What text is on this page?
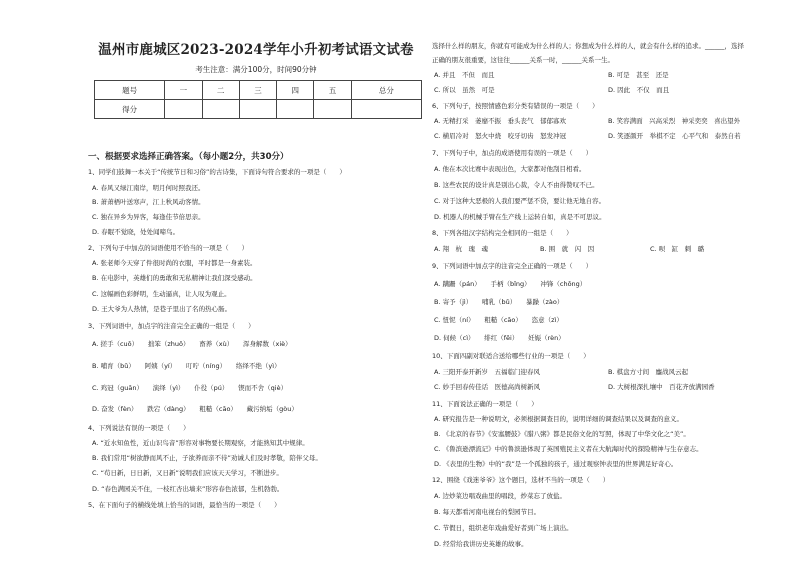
温州市鹿城区2023-2024学年小升初考试语文试卷
考生注意：满分100分，时间90分钟
题号	一	二	三	四	五	总分
得分						
一、根据要求选择正确答案。（每小题2分，共30分）
1、同学们鼓舞一本关于“传统节日和习俗”的古诗集，下面诗句符合要求的一项是（　　）
A. 春风又绿江南岸，明月何时照我还。
B. 萧萧梧叶送寒声，江上秋风动客情。
C. 独在异乡为异客，每逢佳节倍思亲。
D. 春眠不觉晓，处处闻啼鸟。
2、下列句子中加点的词语使用不恰当的一项是（　　）
A. 张老师今天穿了件很时尚的衣服，平时都是一身素装。
B. 在电影中，英雄们的勇敢和无私精神让我们深受感动。
C. 这幅画色彩鲜明，生动逼真，让人叹为观止。
D. 王大爷为人热情，是巷子里出了名的热心肠。
3、下列词语中，加点字的注音完全正确的一组是（　　）
A. 搓手（cuō）　　拙笨（zhuō）　　畜养（xù）　　浑身解数（xiè）
B. 哺育（bǔ）　　阿姨（yí）　　叮咛（níng）　　络绎不绝（yì）
C. 鸡冠（guān）　　演绎（yì）　　仆役（pú）　　锲而不舍（qiè）
D. 奋发（fèn）　　跌宕（dàng）　　粗糙（cāo）　　藏污纳垢（gòu）
4、下列说法有误的一项是（　　）
A. “近水知鱼性，近山识鸟音”形容对事物要长期观察，才能熟知其中规律。
B. 我们常用“树欲静而风不止，子欲养而亲不待”劝诫人们及时孝敬，陪伴父母。
C. “苟日新，日日新，又日新”说明我们应该天天学习，不断进步。
D. “春色满园关不住，一枝红杏出墙来”形容春色浓郁，生机勃勃。
5、在下面句子的横线处填上恰当的词语，最恰当的一项是（　　）
选择什么样的朋友，你就有可能成为什么样的人；你想成为什么样的人，就会有什么样的追求。______，选择
正确的朋友很重要，这往往______关系一时，______关系一生。
A. 并且　不但　而且	B. 可是　甚至　还是
C. 所以　虽然　可是	D. 因此　不仅　而且
6、下列句子，按照情感色彩分类有错误的一项是（　　）
A. 无精打采　萎靡不振　垂头丧气　郁郁寡欢	B. 笑容满面　兴高采烈　神采奕奕　喜出望外
C. 横眉冷对　怒火中烧　咬牙切齿　怒发冲冠	D. 笑逐颜开　举棋不定　心平气和　泰然自若
7、下列句子中，加点的成语使用有误的一项是（　　）
A. 他在本次比赛中表现出色，大家都对他刮目相看。
B. 这些农民的设计真是别出心裁，令人不由得赞叹不已。
C. 对于这种大恶极的人我们要严惩不贷，要让他无地自容。
D. 机器人的机械手臂在生产线上运转自如，真是不可思议。
8、下列各组汉字结构完全相同的一组是（　　）
A. 翔　杭　瑰　魂	B. 围　就　闪　因	C. 呗　缸　刺　璐
9、下列词语中加点字的注音完全正确的一项是（　　）
A. 蹒跚（pán）　　手柄（bǐng）　　冲锋（chōng）
B. 寄予（jì）　　哺乳（bǔ）　　暴躁（zào）
C. 忸怩（ní）　　粗糙（cāo）　　恣意（zì）
D. 伺候（cì）　　绯红（fēi）　　妊娠（rèn）
10、下面四副对联适合送给哪些行业的一项是（　　）
A. 三阳开泰开新岁　五福临门迎春风	B. 棋盘方寸间　鏖战风云起
C. 妙手回春传佳话　医德高尚树新风	D. 大树根深扎壤中　百花齐放满园香
11、下面说法正确的一项是（　　）
A. 研究报告是一种说明文，必须根据调查目的，说明详细的调查结果以及调查的意义。
B. 《北京的春节》《安塞腰鼓》《腊八粥》都是民俗文化的写照，体现了中华文化之“美”。
C. 《鲁滨逊漂流记》中的鲁滨逊体现了英国殖民主义者在大航海时代的探险精神与生存意志。
D. 《表里的生物》中的“我”是一个孤独的孩子，通过观察钟表里的世界满足好奇心。
12、围绕《戏迷爷爷》这个题目，选材不当的一项是（　　）
A. 边炒菜边唱戏曲里的唱段，炒菜忘了放盐。
B. 每天都看河南电视台的梨园节目。
C. 节假日，组织老年戏曲爱好者到广场上演出。
D. 经常给我讲历史英雄的故事。
